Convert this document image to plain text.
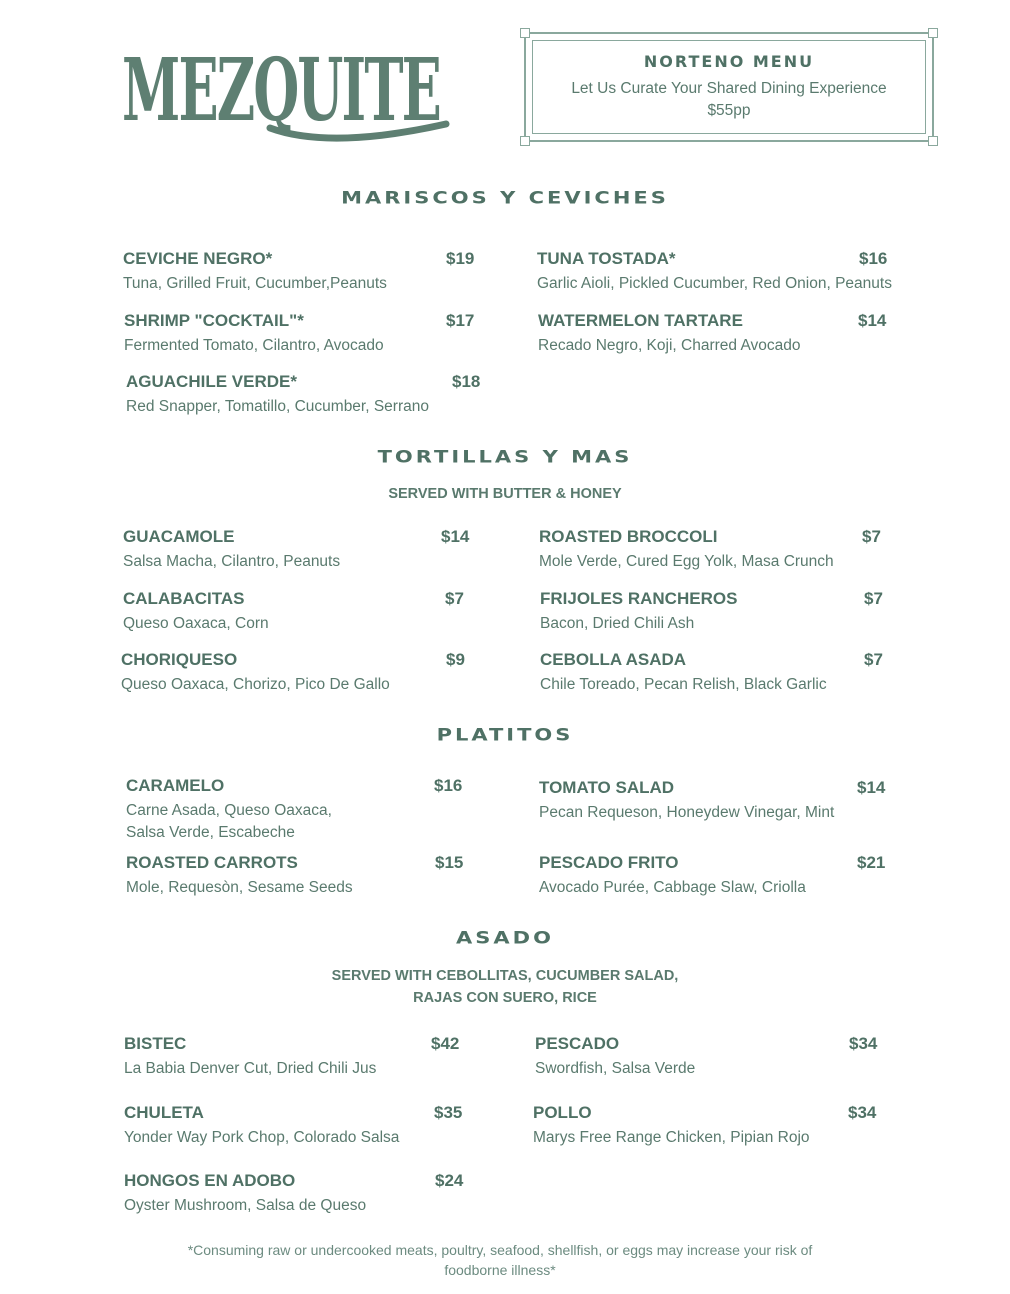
MEZQUITE	NORTENO MENU
Let Us Curate Your Shared Dining Experience
$55pp
MARISCOS Y CEVICHES
CEVICHE NEGRO*	$19
Tuna, Grilled Fruit, Cucumber,Peanuts
TUNA TOSTADA*	$16
Garlic Aioli, Pickled Cucumber, Red Onion, Peanuts
SHRIMP "COCKTAIL"*	$17
Fermented Tomato, Cilantro, Avocado
WATERMELON TARTARE	$14
Recado Negro, Koji, Charred Avocado
AGUACHILE VERDE*	$18
Red Snapper, Tomatillo, Cucumber, Serrano
TORTILLAS Y MAS
SERVED WITH BUTTER & HONEY
GUACAMOLE	$14
Salsa Macha, Cilantro, Peanuts
ROASTED BROCCOLI	$7
Mole Verde, Cured Egg Yolk, Masa Crunch
CALABACITAS	$7
Queso Oaxaca, Corn
FRIJOLES RANCHEROS	$7
Bacon, Dried Chili Ash
CHORIQUESO	$9
Queso Oaxaca, Chorizo, Pico De Gallo
CEBOLLA ASADA	$7
Chile Toreado, Pecan Relish, Black Garlic
PLATITOS
CARAMELO	$16
Carne Asada, Queso Oaxaca, Salsa Verde, Escabeche
TOMATO SALAD	$14
Pecan Requeson, Honeydew Vinegar, Mint
ROASTED CARROTS	$15
Mole, Requesòn, Sesame Seeds
PESCADO FRITO	$21
Avocado Purée, Cabbage Slaw, Criolla
ASADO
SERVED WITH CEBOLLITAS, CUCUMBER SALAD,
RAJAS CON SUERO, RICE
BISTEC	$42
La Babia Denver Cut, Dried Chili Jus
PESCADO	$34
Swordfish, Salsa Verde
CHULETA	$35
Yonder Way Pork Chop, Colorado Salsa
POLLO	$34
Marys Free Range Chicken, Pipian Rojo
HONGOS EN ADOBO	$24
Oyster Mushroom, Salsa de Queso
*Consuming raw or undercooked meats, poultry, seafood, shellfish, or eggs may increase your risk of
foodborne illness*
